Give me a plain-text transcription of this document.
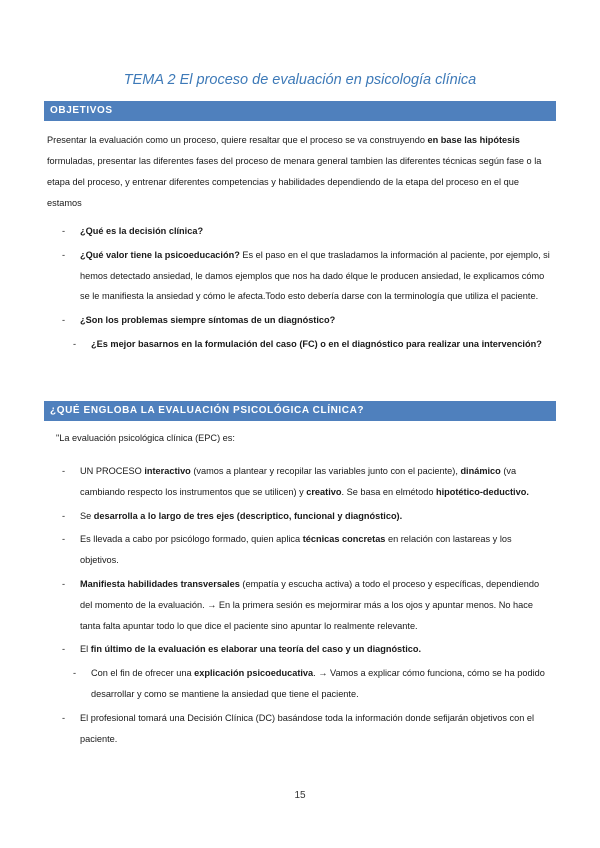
TEMA 2 El proceso de evaluación en psicología clínica
OBJETIVOS

Presentar la evaluación como un proceso, quiere resaltar que el proceso se va construyendo en base las hipótesis formuladas, presentar las diferentes fases del proceso de menara general tambien las diferentes técnicas según fase o la etapa del proceso, y entrenar diferentes competencias y habilidades dependiendo de la etapa del proceso en el que estamos

- ¿Qué es la decisión clínica?
- ¿Qué valor tiene la psicoeducación? Es el paso en el que trasladamos la información al paciente, por ejemplo, si hemos detectado ansiedad, le damos ejemplos que nos ha dado élque le producen ansiedad, le explicamos cómo se le manifiesta la ansiedad y cómo le afecta.Todo esto debería darse con la terminología que utiliza el paciente.
- ¿Son los problemas siempre síntomas de un diagnóstico?
- ¿Es mejor basarnos en la formulación del caso (FC) o en el diagnóstico para realizar una intervención?
¿QUÉ ENGLOBA LA EVALUACIÓN PSICOLÓGICA CLÍNICA?

"La evaluación psicológica clínica (EPC) es:

- UN PROCESO interactivo (vamos a plantear y recopilar las variables junto con el paciente), dinámico (va cambiando respecto los instrumentos que se utilicen) y creativo. Se basa en elmétodo hipotético-deductivo.
- Se desarrolla a lo largo de tres ejes (descriptico, funcional y diagnóstico).
- Es llevada a cabo por psicólogo formado, quien aplica técnicas concretas en relación con lastareas y los objetivos.
- Manifiesta habilidades transversales (empatía y escucha activa) a todo el proceso y específicas, dependiendo del momento de la evaluación. → En la primera sesión es mejormirar más a los ojos y apuntar menos. No hace tanta falta apuntar todo lo que dice el paciente sino apuntar lo realmente relevante.
- El fin último de la evaluación es elaborar una teoría del caso y un diagnóstico.
- Con el fin de ofrecer una explicación psicoeducativa. → Vamos a explicar cómo funciona, cómo se ha podido desarrollar y como se mantiene la ansiedad que tiene el paciente.
- El profesional tomará una Decisión Clínica (DC) basándose toda la información donde sefijarán objetivos con el paciente.
15
